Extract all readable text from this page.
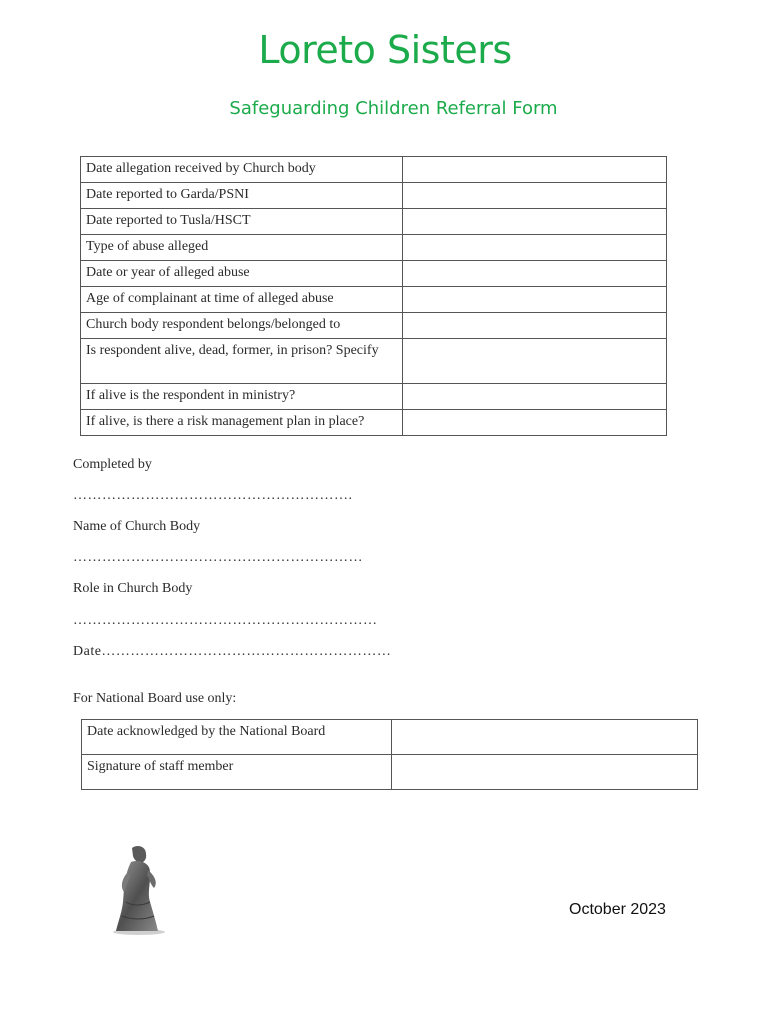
Loreto Sisters
Safeguarding Children Referral Form
Date allegation received by Church body	
Date reported to Garda/PSNI	
Date reported to Tusla/HSCT	
Type of abuse alleged	
Date or year of alleged abuse	
Age of complainant at time of alleged abuse	
Church body respondent belongs/belonged to	
Is respondent alive, dead, former, in prison? Specify	
If alive is the respondent in ministry?	
If alive, is there a risk management plan in place?	
Completed by
………………………………………………….
Name of Church Body
……………………………………………………
Role in Church Body
………………………………………………………
Date……………………………………………………
For National Board use only:
Date acknowledged by the National Board	
Signature of staff member	
October 2023
